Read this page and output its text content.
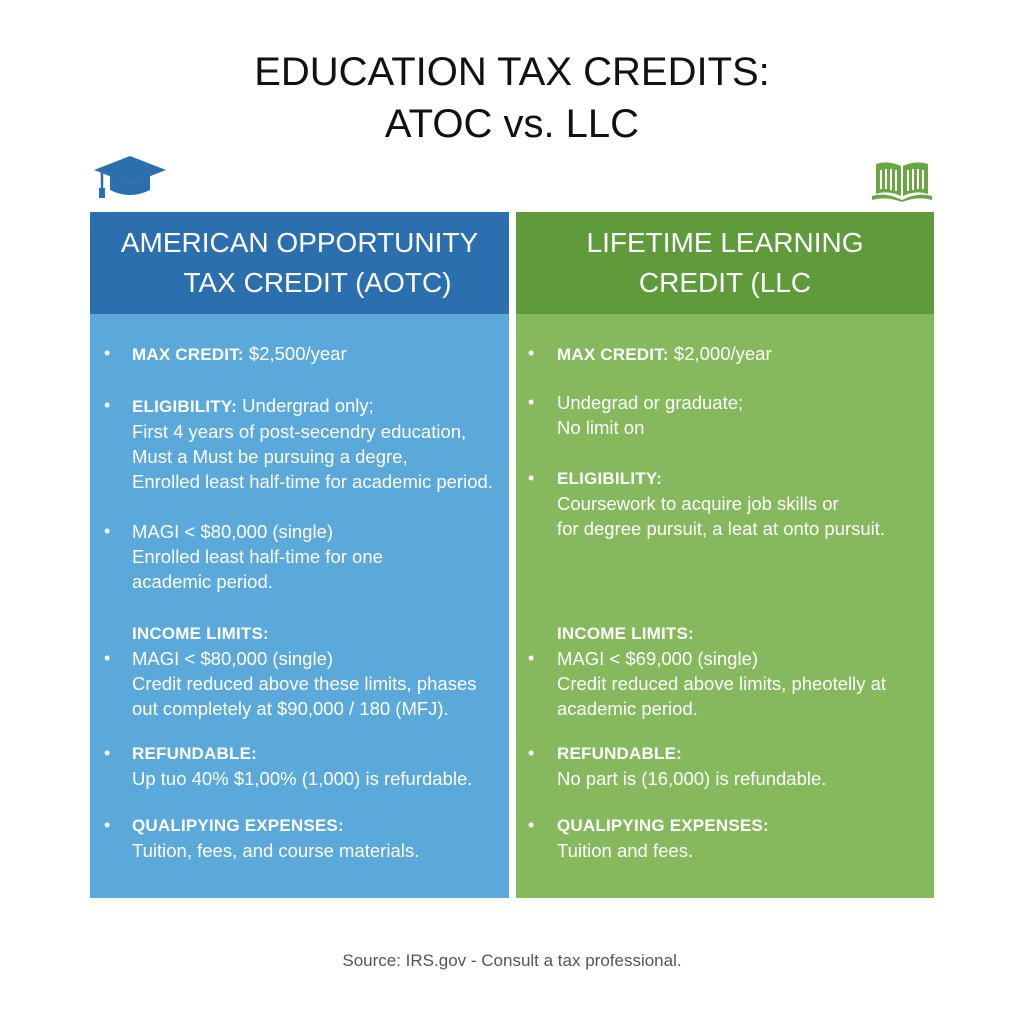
EDUCATION TAX CREDITS:
ATOC vs. LLC
AMERICAN OPPORTUNITY
TAX CREDIT (AOTC)
• MAX CREDIT: $2,500/year
• ELIGIBILITY: Undergrad only;
First 4 years of post-secendry education,
Must a Must be pursuing a degre,
Enrolled least half-time for academic period.
• MAGI < $80,000 (single)
Enrolled least half-time for one
academic period.
INCOME LIMITS:
• MAGI < $80,000 (single)
Credit reduced above these limits, phases
out completely at $90,000 / 180 (MFJ).
• REFUNDABLE:
Up tuo 40% $1,00% (1,000) is refurdable.
• QUALIPYING EXPENSES:
Tuition, fees, and course materials.
LIFETIME LEARNING
CREDIT (LLC
• MAX CREDIT: $2,000/year
• Undegrad or graduate;
No limit on
• ELIGIBILITY:
Coursework to acquire job skills or
for degree pursuit, a leat at onto pursuit.
INCOME LIMITS:
• MAGI < $69,000 (single)
Credit reduced above limits, pheotelly at
academic period.
• REFUNDABLE:
No part is (16,000) is refundable.
• QUALIPYING EXPENSES:
Tuition and fees.
Source: IRS.gov - Consult a tax professional.
